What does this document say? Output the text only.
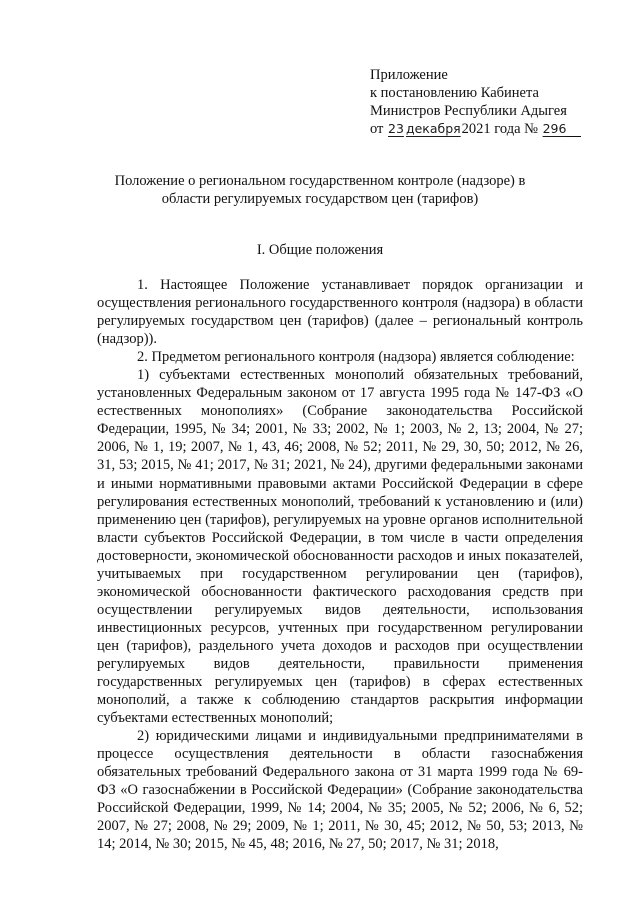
Приложение
к постановлению Кабинета
Министров Республики Адыгея
от 23 декабря2021 года № 296
Положение о региональном государственном контроле (надзоре) в
области регулируемых государством цен (тарифов)
I. Общие положения

1. Настоящее Положение устанавливает порядок организации и осуществления регионального государственного контроля (надзора) в области регулируемых государством цен (тарифов) (далее – региональный контроль (надзор)).

2. Предметом регионального контроля (надзора) является соблюдение:

1) субъектами естественных монополий обязательных требований, установленных Федеральным законом от 17 августа 1995 года № 147-ФЗ «О естественных монополиях» (Собрание законодательства Российской Федерации, 1995, № 34; 2001, № 33; 2002, № 1; 2003, № 2, 13; 2004, № 27; 2006, № 1, 19; 2007, № 1, 43, 46; 2008, № 52; 2011, № 29, 30, 50; 2012, № 26, 31, 53; 2015, № 41; 2017, № 31; 2021, № 24), другими федеральными законами и иными нормативными правовыми актами Российской Федерации в сфере регулирования естественных монополий, требований к установлению и (или) применению цен (тарифов), регулируемых на уровне органов исполнительной власти субъектов Российской Федерации, в том числе в части определения достоверности, экономической обоснованности расходов и иных показателей, учитываемых при государственном регулировании цен (тарифов), экономической обоснованности фактического расходования средств при осуществлении регулируемых видов деятельности, использования инвестиционных ресурсов, учтенных при государственном регулировании цен (тарифов), раздельного учета доходов и расходов при осуществлении регулируемых видов деятельности, правильности применения государственных регулируемых цен (тарифов) в сферах естественных монополий, а также к соблюдению стандартов раскрытия информации субъектами естественных монополий;

2) юридическими лицами и индивидуальными предпринимателями в процессе осуществления деятельности в области газоснабжения обязательных требований Федерального закона от 31 марта 1999 года № 69-ФЗ «О газоснабжении в Российской Федерации» (Собрание законодательства Российской Федерации, 1999, № 14; 2004, № 35; 2005, № 52; 2006, № 6, 52; 2007, № 27; 2008, № 29; 2009, № 1; 2011, № 30, 45; 2012, № 50, 53; 2013, № 14; 2014, № 30; 2015, № 45, 48; 2016, № 27, 50; 2017, № 31; 2018,
